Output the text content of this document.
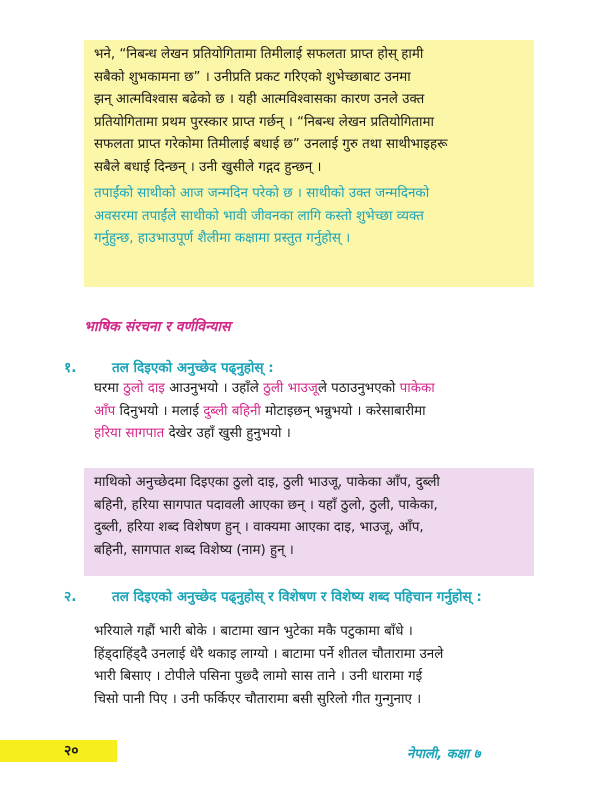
भने, “निबन्ध लेखन प्रतियोगितामा तिमीलाई सफलता प्राप्त होस् हामी
सबैको शुभकामना छ” । उनीप्रति प्रकट गरिएको शुभेच्छाबाट उनमा
झन् आत्मविश्वास बढेको छ । यही आत्मविश्वासका कारण उनले उक्त
प्रतियोगितामा प्रथम पुरस्कार प्राप्त गर्छन् । “निबन्ध लेखन प्रतियोगितामा
सफलता प्राप्त गरेकोमा तिमीलाई बधाई छ” उनलाई गुरु तथा साथीभाइहरू
सबैले बधाई दिन्छन् । उनी खुसीले गद्गद हुन्छन् ।
तपाईंको साथीको आज जन्मदिन परेको छ । साथीको उक्त जन्मदिनको
अवसरमा तपाईंले साथीको भावी जीवनका लागि कस्तो शुभेच्छा व्यक्त
गर्नुहुन्छ, हाउभाउपूर्ण शैलीमा कक्षामा प्रस्तुत गर्नुहोस् ।
भाषिक संरचना र वर्णविन्यास
१.	तल दिइएको अनुच्छेद पढ्नुहोस् :
घरमा ठुलो दाइ आउनुभयो । उहाँले ठुली भाउजूले पठाउनुभएको पाकेका
आँप दिनुभयो । मलाई दुब्ली बहिनी मोटाइछन् भन्नुभयो । करेसाबारीमा
हरिया सागपात देखेर उहाँ खुसी हुनुभयो ।
माथिको अनुच्छेदमा दिइएका ठुलो दाइ, ठुली भाउजू, पाकेका आँप, दुब्ली
बहिनी, हरिया सागपात पदावली आएका छन् । यहाँ ठुलो, ठुली, पाकेका,
दुब्ली, हरिया शब्द विशेषण हुन् । वाक्यमा आएका दाइ, भाउजू, आँप,
बहिनी, सागपात शब्द विशेष्य (नाम) हुन् ।
२.	तल दिइएको अनुच्छेद पढ्नुहोस् र विशेषण र विशेष्य शब्द पहिचान गर्नुहोस् :
भरियाले गह्रौं भारी बोके । बाटामा खान भुटेका मकै पटुकामा बाँधे ।
हिंड्दाहिंड्दै उनलाई धेरै थकाइ लाग्यो । बाटामा पर्ने शीतल चौतारामा उनले
भारी बिसाए । टोपीले पसिना पुछ्दै लामो सास ताने । उनी धारामा गई
चिसो पानी पिए । उनी फर्किएर चौतारामा बसी सुरिलो गीत गुन्गुनाए ।
२०	नेपाली, कक्षा ७
